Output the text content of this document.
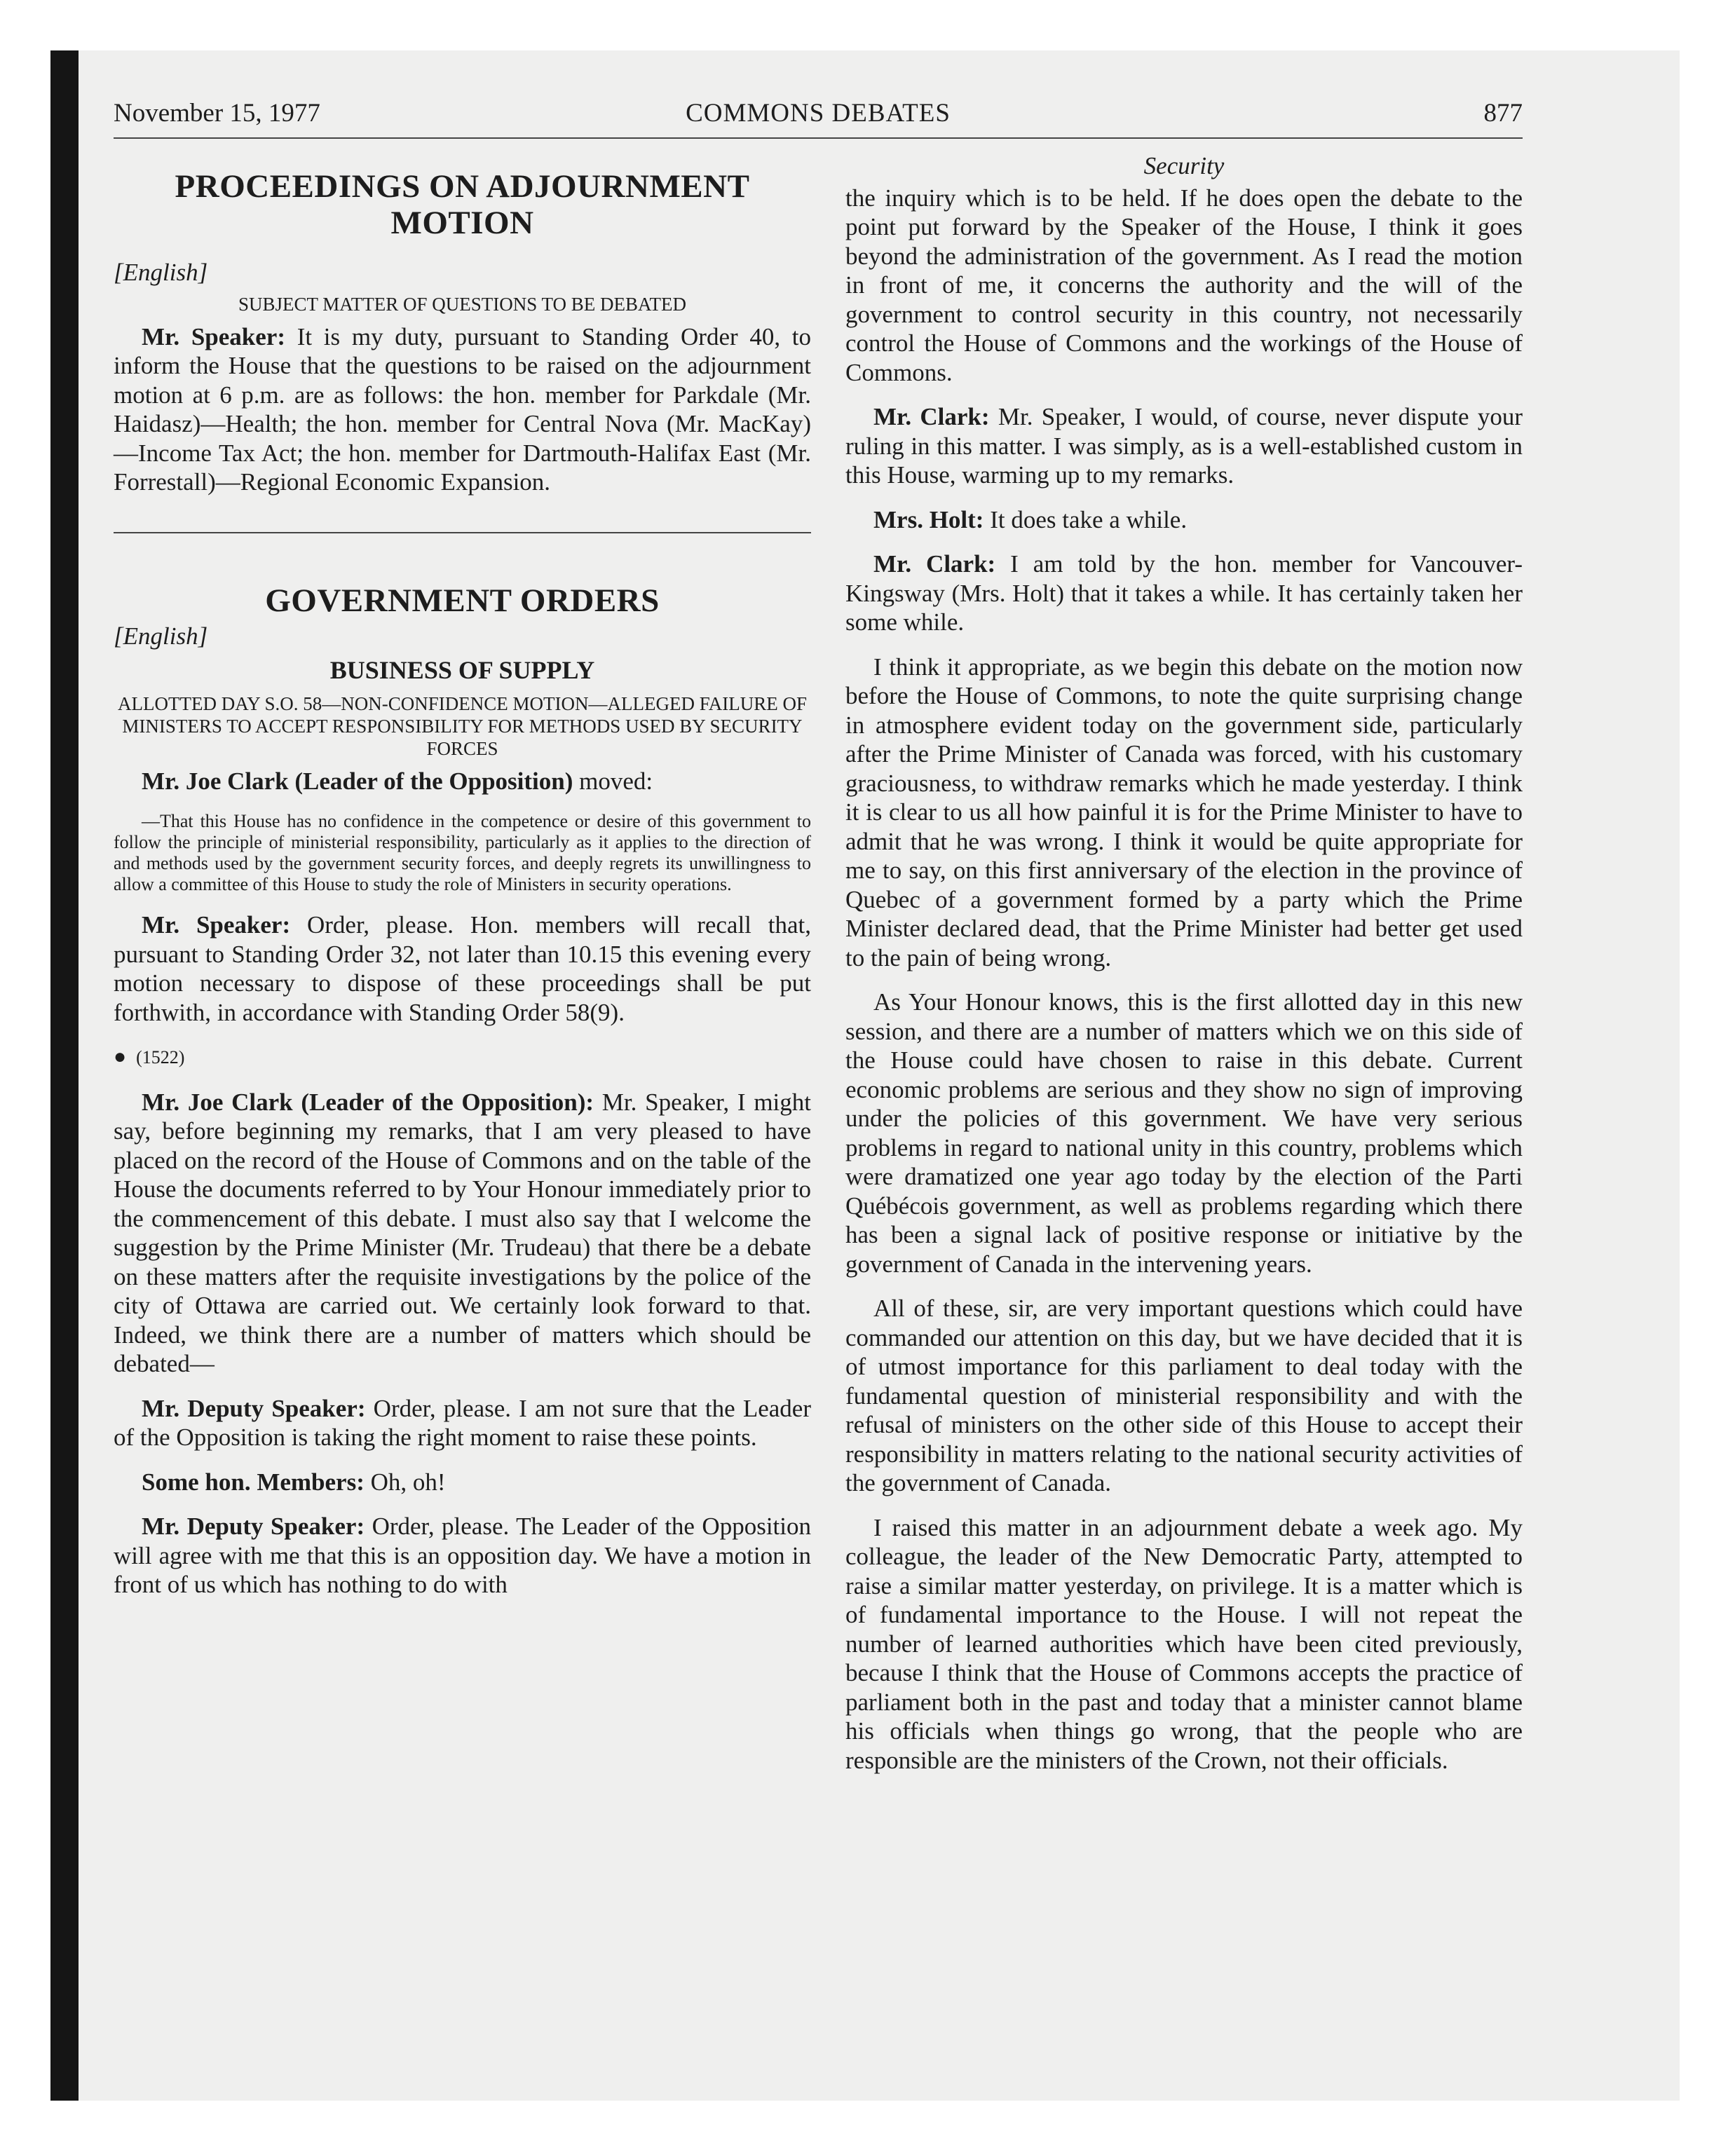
November 15, 1977	COMMONS DEBATES	877
PROCEEDINGS ON ADJOURNMENT MOTION
[English]
SUBJECT MATTER OF QUESTIONS TO BE DEBATED

Mr. Speaker: It is my duty, pursuant to Standing Order 40, to inform the House that the questions to be raised on the adjournment motion at 6 p.m. are as follows: the hon. member for Parkdale (Mr. Haidasz)—Health; the hon. member for Central Nova (Mr. MacKay)—Income Tax Act; the hon. member for Dartmouth-Halifax East (Mr. Forrestall)—Regional Economic Expansion.

GOVERNMENT ORDERS
[English]
BUSINESS OF SUPPLY
ALLOTTED DAY S.O. 58—NON-CONFIDENCE MOTION—ALLEGED FAILURE OF MINISTERS TO ACCEPT RESPONSIBILITY FOR METHODS USED BY SECURITY FORCES

Mr. Joe Clark (Leader of the Opposition) moved:

—That this House has no confidence in the competence or desire of this government to follow the principle of ministerial responsibility, particularly as it applies to the direction of and methods used by the government security forces, and deeply regrets its unwillingness to allow a committee of this House to study the role of Ministers in security operations.

Mr. Speaker: Order, please. Hon. members will recall that, pursuant to Standing Order 32, not later than 10.15 this evening every motion necessary to dispose of these proceedings shall be put forthwith, in accordance with Standing Order 58(9).

● (1522)

Mr. Joe Clark (Leader of the Opposition): Mr. Speaker, I might say, before beginning my remarks, that I am very pleased to have placed on the record of the House of Commons and on the table of the House the documents referred to by Your Honour immediately prior to the commencement of this debate. I must also say that I welcome the suggestion by the Prime Minister (Mr. Trudeau) that there be a debate on these matters after the requisite investigations by the police of the city of Ottawa are carried out. We certainly look forward to that. Indeed, we think there are a number of matters which should be debated—

Mr. Deputy Speaker: Order, please. I am not sure that the Leader of the Opposition is taking the right moment to raise these points.

Some hon. Members: Oh, oh!

Mr. Deputy Speaker: Order, please. The Leader of the Opposition will agree with me that this is an opposition day. We have a motion in front of us which has nothing to do with

Security

the inquiry which is to be held. If he does open the debate to the point put forward by the Speaker of the House, I think it goes beyond the administration of the government. As I read the motion in front of me, it concerns the authority and the will of the government to control security in this country, not necessarily control the House of Commons and the workings of the House of Commons.

Mr. Clark: Mr. Speaker, I would, of course, never dispute your ruling in this matter. I was simply, as is a well-established custom in this House, warming up to my remarks.

Mrs. Holt: It does take a while.

Mr. Clark: I am told by the hon. member for Vancouver-Kingsway (Mrs. Holt) that it takes a while. It has certainly taken her some while.

I think it appropriate, as we begin this debate on the motion now before the House of Commons, to note the quite surprising change in atmosphere evident today on the government side, particularly after the Prime Minister of Canada was forced, with his customary graciousness, to withdraw remarks which he made yesterday. I think it is clear to us all how painful it is for the Prime Minister to have to admit that he was wrong. I think it would be quite appropriate for me to say, on this first anniversary of the election in the province of Quebec of a government formed by a party which the Prime Minister declared dead, that the Prime Minister had better get used to the pain of being wrong.

As Your Honour knows, this is the first allotted day in this new session, and there are a number of matters which we on this side of the House could have chosen to raise in this debate. Current economic problems are serious and they show no sign of improving under the policies of this government. We have very serious problems in regard to national unity in this country, problems which were dramatized one year ago today by the election of the Parti Québécois government, as well as problems regarding which there has been a signal lack of positive response or initiative by the government of Canada in the intervening years.

All of these, sir, are very important questions which could have commanded our attention on this day, but we have decided that it is of utmost importance for this parliament to deal today with the fundamental question of ministerial responsibility and with the refusal of ministers on the other side of this House to accept their responsibility in matters relating to the national security activities of the government of Canada.

I raised this matter in an adjournment debate a week ago. My colleague, the leader of the New Democratic Party, attempted to raise a similar matter yesterday, on privilege. It is a matter which is of fundamental importance to the House. I will not repeat the number of learned authorities which have been cited previously, because I think that the House of Commons accepts the practice of parliament both in the past and today that a minister cannot blame his officials when things go wrong, that the people who are responsible are the ministers of the Crown, not their officials.
